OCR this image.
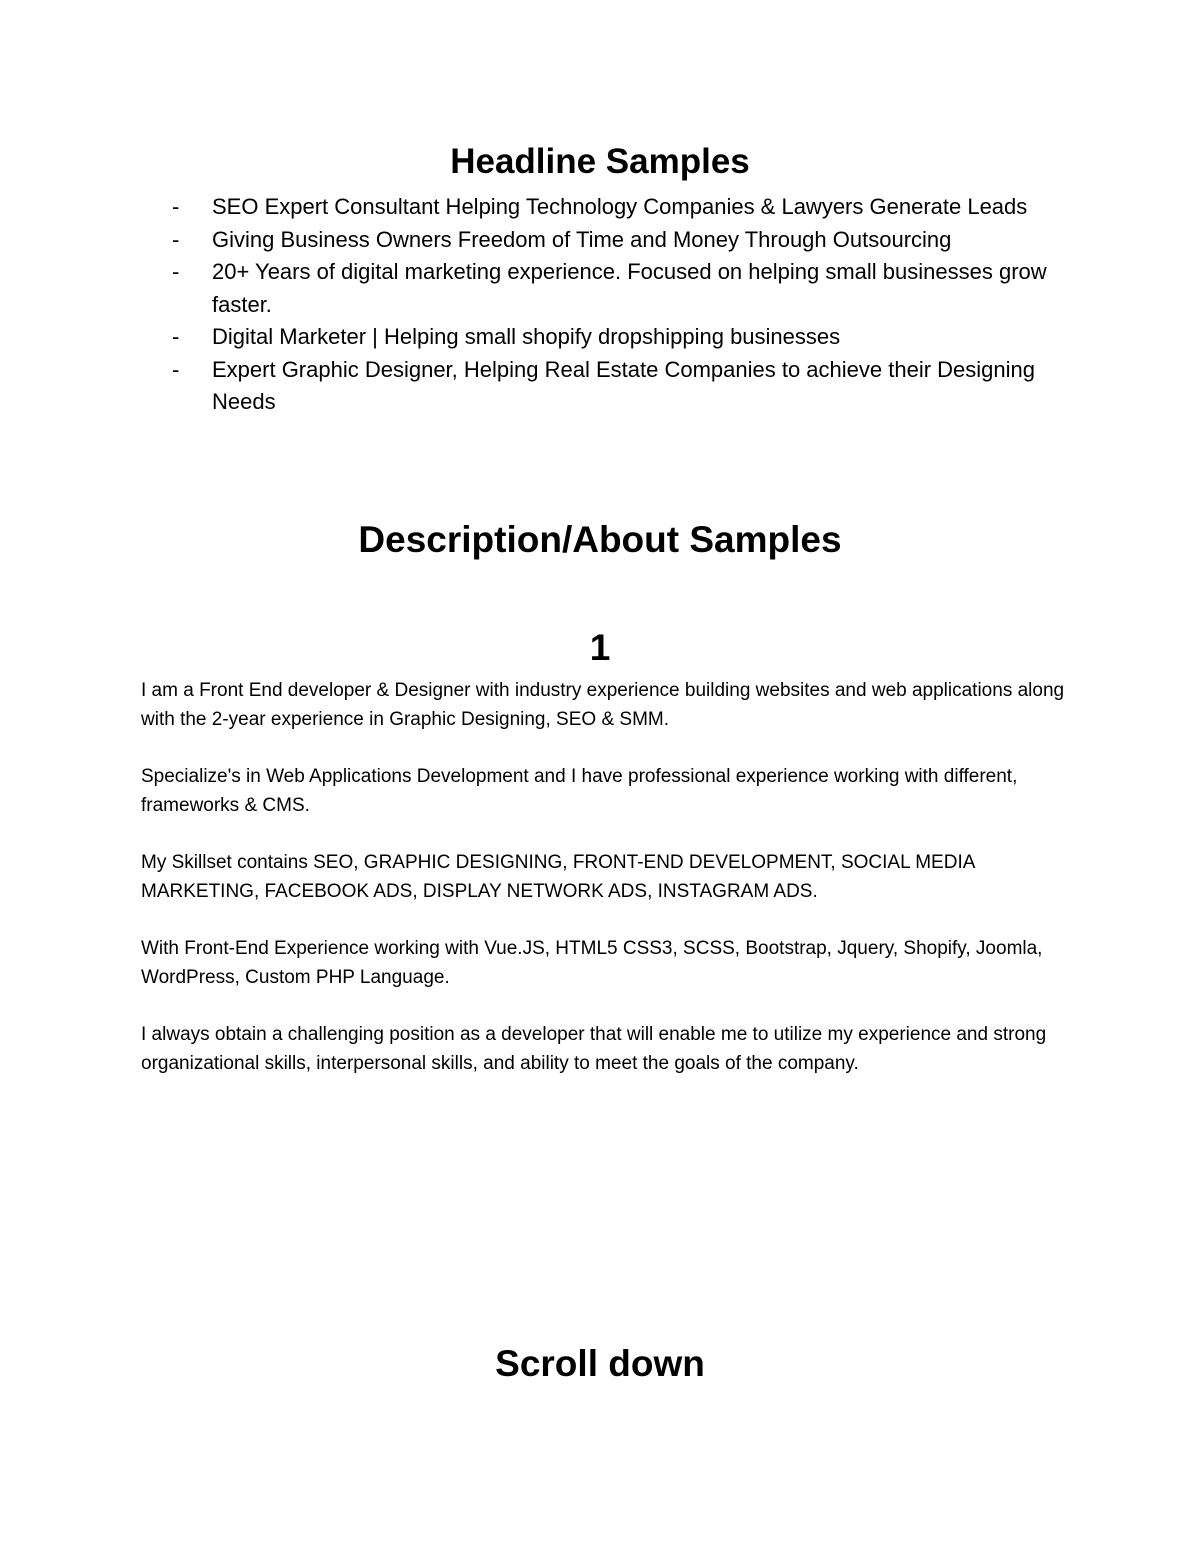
Headline Samples
-	SEO Expert Consultant Helping Technology Companies & Lawyers Generate Leads
-	Giving Business Owners Freedom of Time and Money Through Outsourcing
-	20+ Years of digital marketing experience. Focused on helping small businesses grow faster.
-	Digital Marketer | Helping small shopify dropshipping businesses
-	Expert Graphic Designer, Helping Real Estate Companies to achieve their Designing Needs
Description/About Samples
1

I am a Front End developer & Designer with industry experience building websites and web applications along with the 2-year experience in Graphic Designing, SEO & SMM.

Specialize's in Web Applications Development and I have professional experience working with different, frameworks & CMS.

My Skillset contains SEO, GRAPHIC DESIGNING, FRONT-END DEVELOPMENT, SOCIAL MEDIA MARKETING, FACEBOOK ADS, DISPLAY NETWORK ADS, INSTAGRAM ADS.

With Front-End Experience working with Vue.JS, HTML5 CSS3, SCSS, Bootstrap, Jquery, Shopify, Joomla, WordPress, Custom PHP Language.

I always obtain a challenging position as a developer that will enable me to utilize my experience and strong organizational skills, interpersonal skills, and ability to meet the goals of the company.

Scroll down
